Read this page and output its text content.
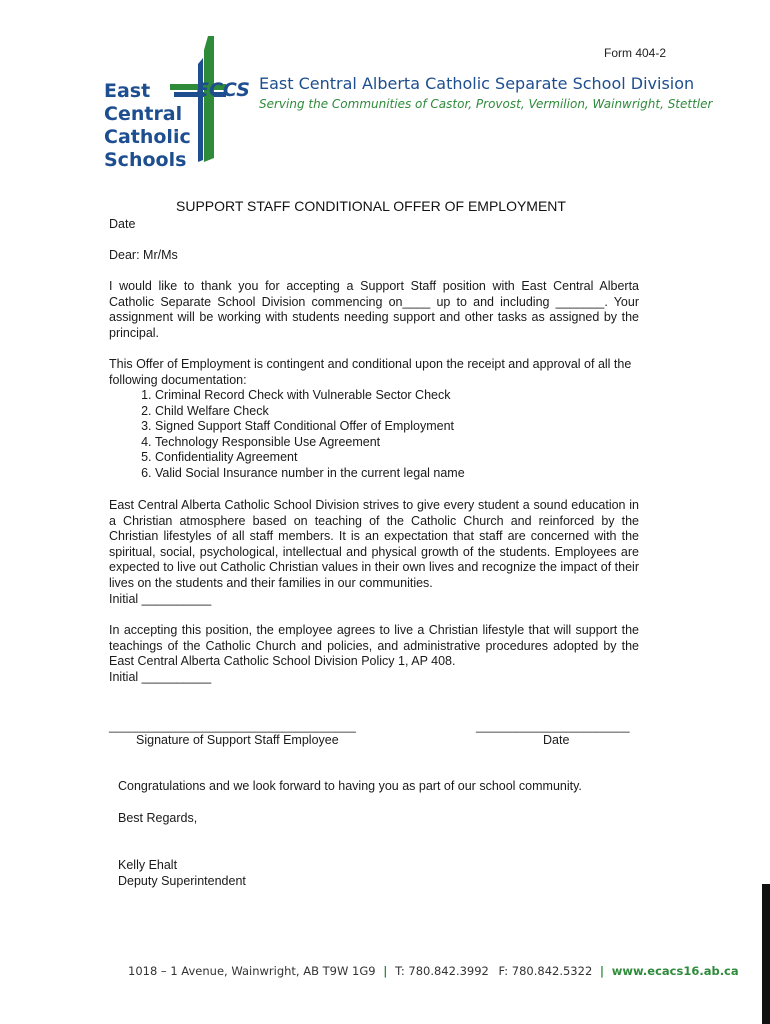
Form 404-2
ECCS
East
Central
Catholic
Schools
East Central Alberta Catholic Separate School Division
Serving the Communities of Castor, Provost, Vermilion, Wainwright, Stettler
SUPPORT STAFF CONDITIONAL OFFER OF EMPLOYMENT
Date
Dear: Mr/Ms
I would like to thank you for accepting a Support Staff position with East Central Alberta Catholic Separate School Division commencing on____ up to and including _______. Your assignment will be working with students needing support and other tasks as assigned by the principal.
This Offer of Employment is contingent and conditional upon the receipt and approval of all the following documentation:
1. Criminal Record Check with Vulnerable Sector Check
2. Child Welfare Check
3. Signed Support Staff Conditional Offer of Employment
4. Technology Responsible Use Agreement
5. Confidentiality Agreement
6. Valid Social Insurance number in the current legal name
East Central Alberta Catholic School Division strives to give every student a sound education in a Christian atmosphere based on teaching of the Catholic Church and reinforced by the Christian lifestyles of all staff members. It is an expectation that staff are concerned with the spiritual, social, psychological, intellectual and physical growth of the students. Employees are expected to live out Catholic Christian values in their own lives and recognize the impact of their lives on the students and their families in our communities.
Initial __________
In accepting this position, the employee agrees to live a Christian lifestyle that will support the teachings of the Catholic Church and policies, and administrative procedures adopted by the East Central Alberta Catholic School Division Policy 1, AP 408.
Initial __________
_____________________________________
Signature of Support Staff Employee
_______________________
Date
Congratulations and we look forward to having you as part of our school community.
Best Regards,
Kelly Ehalt
Deputy Superintendent
1018 – 1 Avenue, Wainwright, AB T9W 1G9 | T: 780.842.3992 F: 780.842.5322 | www.ecacs16.ab.ca
